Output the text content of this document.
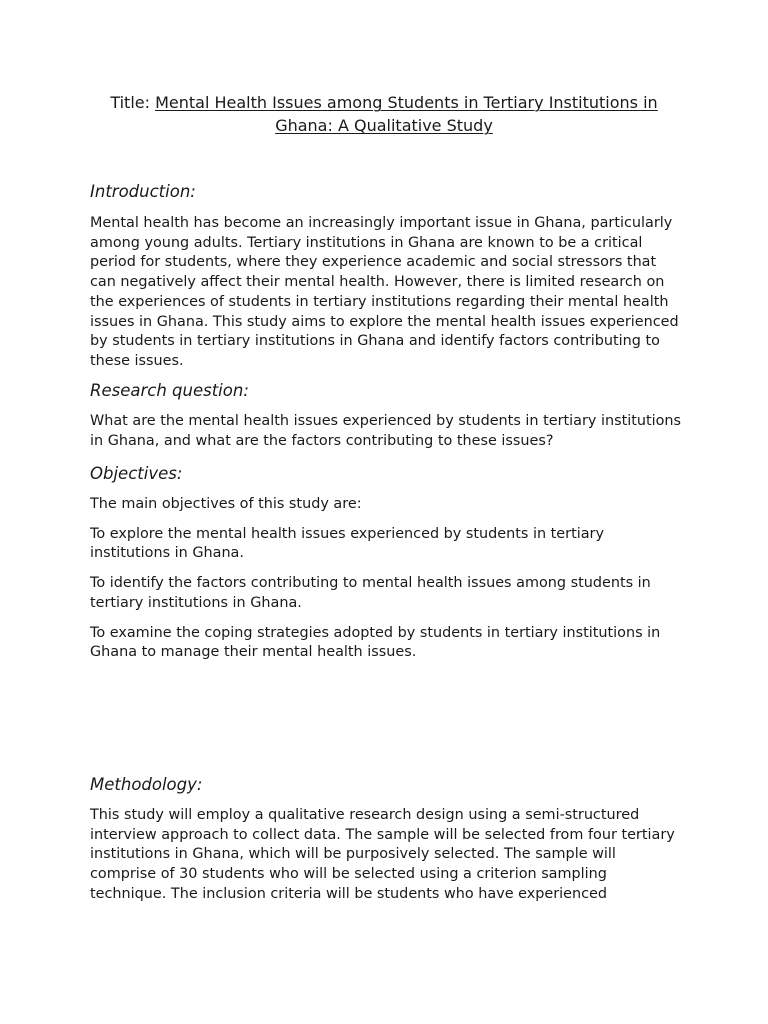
Title: Mental Health Issues among Students in Tertiary Institutions in Ghana: A Qualitative Study
Introduction:

Mental health has become an increasingly important issue in Ghana, particularly among young adults. Tertiary institutions in Ghana are known to be a critical period for students, where they experience academic and social stressors that can negatively affect their mental health. However, there is limited research on the experiences of students in tertiary institutions regarding their mental health issues in Ghana. This study aims to explore the mental health issues experienced by students in tertiary institutions in Ghana and identify factors contributing to these issues.

Research question:

What are the mental health issues experienced by students in tertiary institutions in Ghana, and what are the factors contributing to these issues?

Objectives:

The main objectives of this study are:

To explore the mental health issues experienced by students in tertiary institutions in Ghana.

To identify the factors contributing to mental health issues among students in tertiary institutions in Ghana.

To examine the coping strategies adopted by students in tertiary institutions in Ghana to manage their mental health issues.

Methodology:

This study will employ a qualitative research design using a semi-structured interview approach to collect data. The sample will be selected from four tertiary institutions in Ghana, which will be purposively selected. The sample will comprise of 30 students who will be selected using a criterion sampling technique. The inclusion criteria will be students who have experienced
